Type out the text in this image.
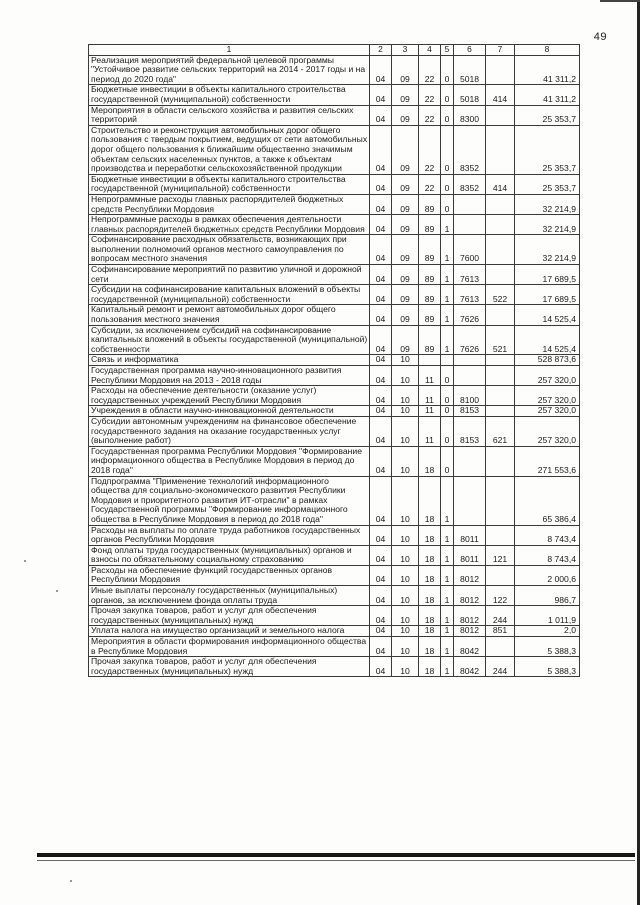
49
1	2	3	4	5	6	7	8
Реализация мероприятий федеральной целевой программы "Устойчивое развитие сельских территорий на 2014 - 2017 годы и на период до 2020 года"	04	09	22	0	5018		41 311,2
Бюджетные инвестиции в объекты капитального строительства государственной (муниципальной) собственности	04	09	22	0	5018	414	41 311,2
Мероприятия в области сельского хозяйства и развития сельских территорий	04	09	22	0	8300		25 353,7
Строительство и реконструкция автомобильных дорог общего пользования с твердым покрытием, ведущих от сети автомобильных дорог общего пользования к ближайшим общественно значимым объектам сельских населенных пунктов, а также к объектам производства и переработки сельскохозяйственной продукции	04	09	22	0	8352		25 353,7
Бюджетные инвестиции в объекты капитального строительства государственной (муниципальной) собственности	04	09	22	0	8352	414	25 353,7
Непрограммные расходы главных распорядителей бюджетных средств Республики Мордовия	04	09	89	0			32 214,9
Непрограммные расходы в рамках обеспечения деятельности главных распорядителей бюджетных средств Республики Мордовия	04	09	89	1			32 214,9
Софинансирование расходных обязательств, возникающих при выполнении полномочий органов местного самоуправления по вопросам местного значения	04	09	89	1	7600		32 214,9
Софинансирование мероприятий по развитию уличной и дорожной сети	04	09	89	1	7613		17 689,5
Субсидии на софинансирование капитальных вложений в объекты государственной (муниципальной) собственности	04	09	89	1	7613	522	17 689,5
Капитальный ремонт и ремонт автомобильных дорог общего пользования местного значения	04	09	89	1	7626		14 525,4
Субсидии, за исключением субсидий на софинансирование капитальных вложений в объекты государственной (муниципальной) собственности	04	09	89	1	7626	521	14 525,4
Связь и информатика	04	10					528 873,6
Государственная программа научно-инновационного развития Республики Мордовия на 2013 - 2018 годы	04	10	11	0			257 320,0
Расходы на обеспечение деятельности (оказание услуг) государственных учреждений Республики Мордовия	04	10	11	0	8100		257 320,0
Учреждения в области научно-инновационной деятельности	04	10	11	0	8153		257 320,0
Субсидии автономным учреждениям на финансовое обеспечение государственного задания на оказание государственных услуг (выполнение работ)	04	10	11	0	8153	621	257 320,0
Государственная программа Республики Мордовия "Формирование информационного общества в Республике Мордовия в период до 2018 года"	04	10	18	0			271 553,6
Подпрограмма "Применение технологий информационного общества для социально-экономического развития Республики Мордовия и приоритетного развития ИТ-отрасли" в рамках Государственной программы "Формирование информационного общества в Республике Мордовия в период до 2018 года"	04	10	18	1			65 386,4
Расходы на выплаты по оплате труда работников государственных органов Республики Мордовия	04	10	18	1	8011		8 743,4
Фонд оплаты труда государственных (муниципальных) органов и взносы по обязательному социальному страхованию	04	10	18	1	8011	121	8 743,4
Расходы на обеспечение функций государственных органов Республики Мордовия	04	10	18	1	8012		2 000,6
Иные выплаты персоналу государственных (муниципальных) органов, за исключением фонда оплаты труда	04	10	18	1	8012	122	986,7
Прочая закупка товаров, работ и услуг для обеспечения государственных (муниципальных) нужд	04	10	18	1	8012	244	1 011,9
Уплата налога на имущество организаций и земельного налога	04	10	18	1	8012	851	2,0
Мероприятия в области формирования информационного общества в Республике Мордовия	04	10	18	1	8042		5 388,3
Прочая закупка товаров, работ и услуг для обеспечения государственных (муниципальных) нужд	04	10	18	1	8042	244	5 388,3
